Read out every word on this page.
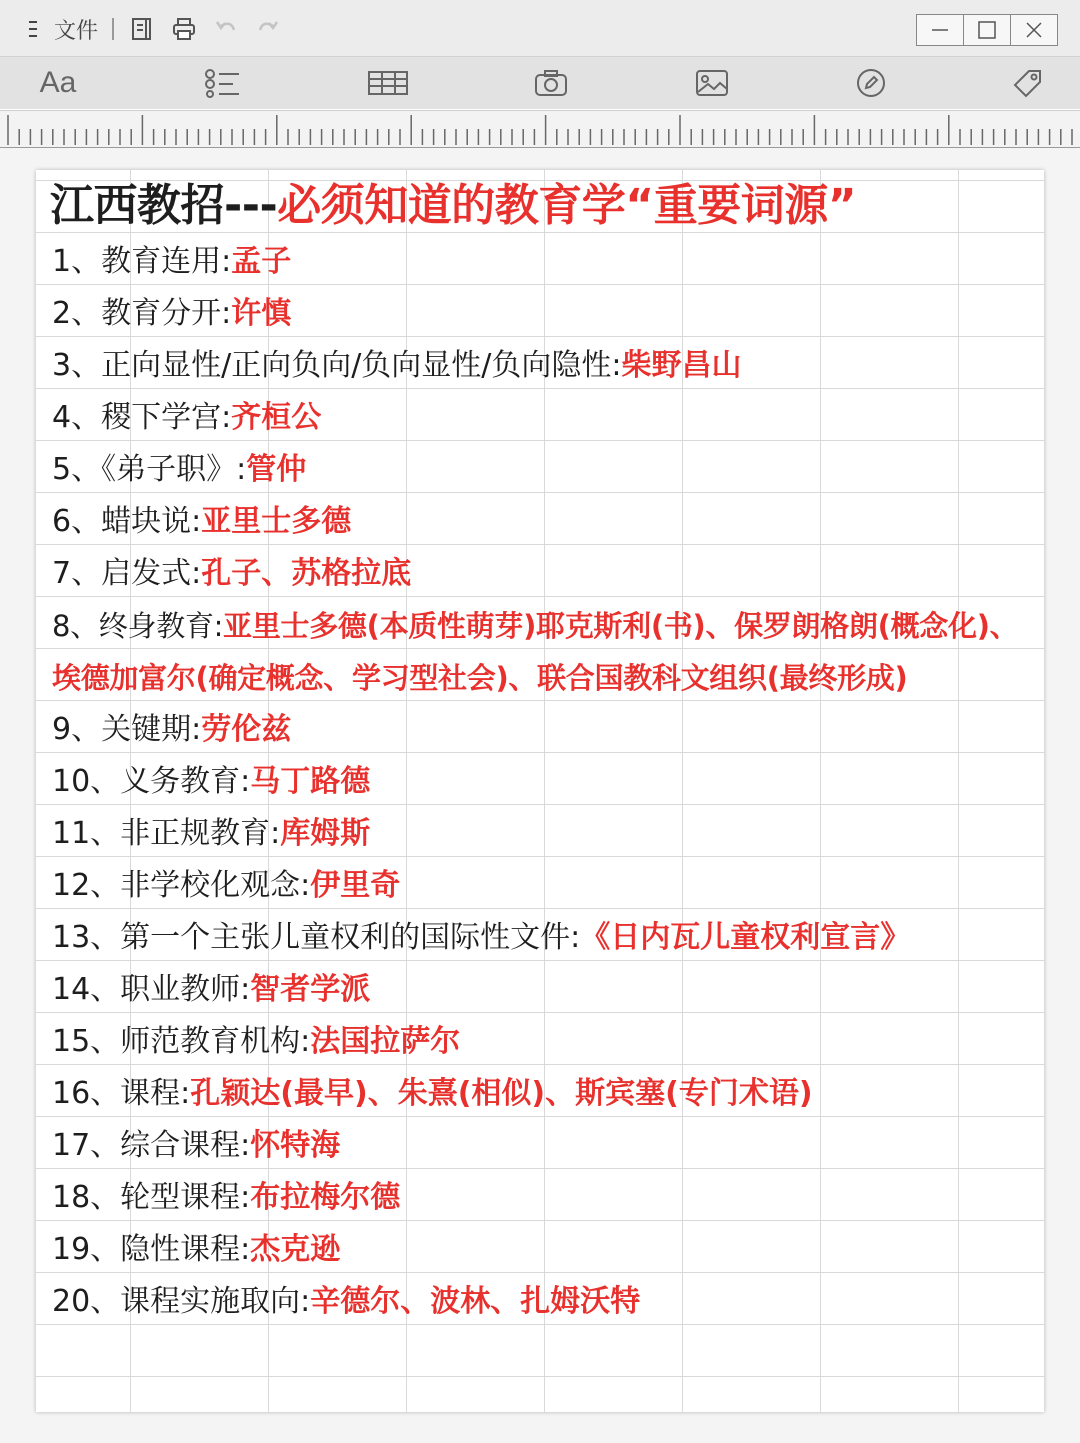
文件
Aa
江西教招---必须知道的教育学“重要词源”
1、教育连用:孟子
2、教育分开:许慎
3、正向显性/正向负向/负向显性/负向隐性:柴野昌山
4、稷下学宫:齐桓公
5、《弟子职》:管仲
6、蜡块说:亚里士多德
7、启发式:孔子、苏格拉底
8、终身教育:亚里士多德(本质性萌芽)耶克斯利(书)、保罗朗格朗(概念化)、埃德加富尔(确定概念、学习型社会)、联合国教科文组织(最终形成)
9、关键期:劳伦兹
10、义务教育:马丁路德
11、非正规教育:库姆斯
12、非学校化观念:伊里奇
13、第一个主张儿童权利的国际性文件:《日内瓦儿童权利宣言》
14、职业教师:智者学派
15、师范教育机构:法国拉萨尔
16、课程:孔颖达(最早)、朱熹(相似)、斯宾塞(专门术语)
17、综合课程:怀特海
18、轮型课程:布拉梅尔德
19、隐性课程:杰克逊
20、课程实施取向:辛德尔、波林、扎姆沃特
